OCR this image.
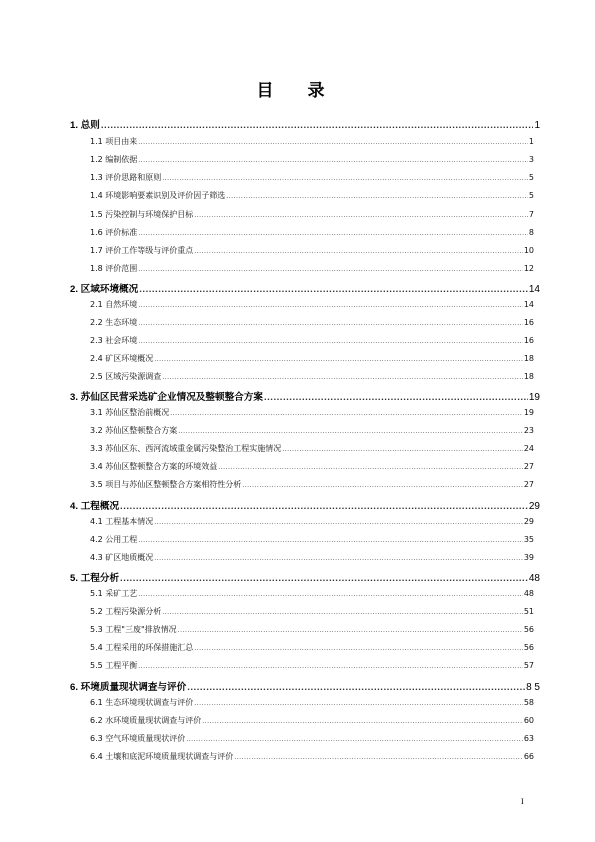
目 录
1. 总则 .....	1
1.1 项目由来 .....	1
1.2 编制依据 .....	3
1.3 评价思路和原则 .....	5
1.4 环境影响要素识别及评价因子筛选 .....	5
1.5 污染控制与环境保护目标 .....	7
1.6 评价标准 .....	8
1.7 评价工作等级与评价重点 .....	10
1.8 评价范围 .....	12
2. 区域环境概况 .....	14
2.1 自然环境 .....	14
2.2 生态环境 .....	16
2.3 社会环境 .....	16
2.4 矿区环境概况 .....	18
2.5 区域污染源调查 .....	18
3. 苏仙区民营采选矿企业情况及整顿整合方案 .....	19
3.1 苏仙区整治前概况 .....	19
3.2 苏仙区整顿整合方案 .....	23
3.3 苏仙区东、西河流域重金属污染整治工程实施情况 .....	24
3.4 苏仙区整顿整合方案的环境效益 .....	27
3.5 项目与苏仙区整顿整合方案相符性分析 .....	27
4. 工程概况 .....	29
4.1 工程基本情况 .....	29
4.2 公用工程 .....	35
4.3 矿区地质概况 .....	39
5. 工程分析 .....	48
5.1 采矿工艺 .....	48
5.2 工程污染源分析 .....	51
5.3 工程"三废"排放情况 .....	56
5.4 工程采用的环保措施汇总 .....	56
5.5 工程平衡 .....	57
6. 环境质量现状调查与评价 .....	8 5
6.1 生态环境现状调查与评价 .....	58
6.2 水环境质量现状调查与评价 .....	60
6.3 空气环境质量现状评价 .....	63
6.4 土壤和底泥环境质量现状调查与评价 .....	66
I
